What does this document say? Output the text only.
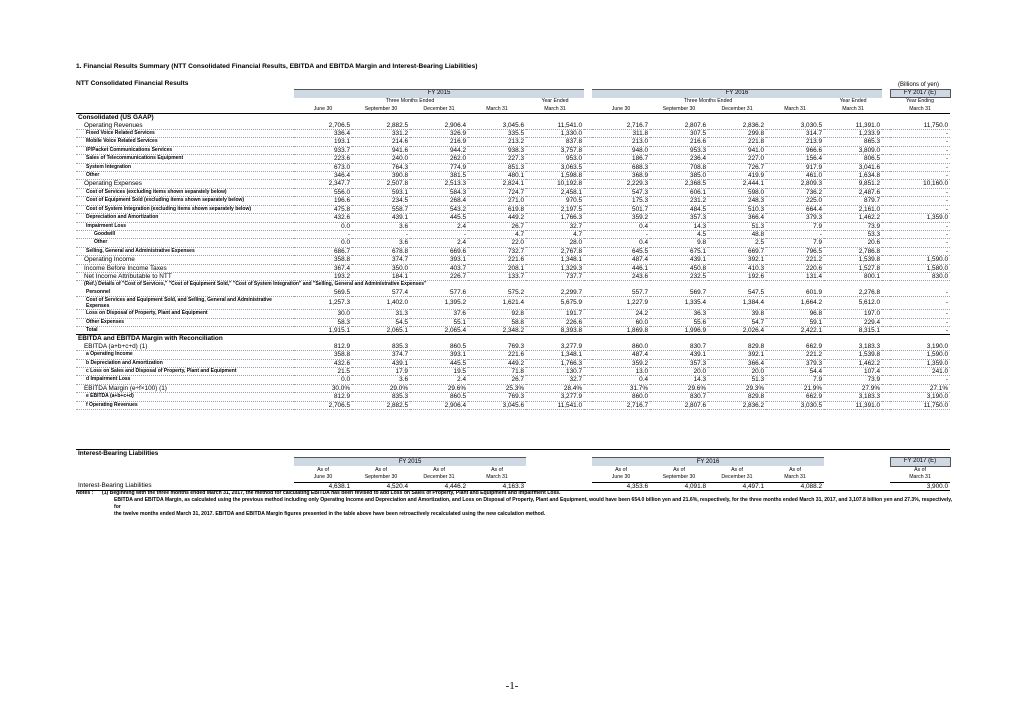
1. Financial Results Summary (NTT Consolidated Financial Results, EBITDA and EBITDA Margin and Interest-Bearing Liabilities)
NTT Consolidated Financial Results	(Billions of yen)
	FY 2015						FY 2016						FY 2017 (E)
	Three Months Ended				Year Ended		Three Months Ended				Year Ended		Year Ending
	June 30	September 30	December 31	March 31	March 31		June 30	September 30	December 31	March 31	March 31		March 31
Consolidated (US GAAP)													
Operating Revenues	2,706.5	2,882.5	2,906.4	3,045.6	11,541.0		2,716.7	2,807.6	2,836.2	3,030.5	11,391.0		11,750.0
Fixed Voice Related Services	336.4	331.2	326.9	335.5	1,330.0		311.8	307.5	299.8	314.7	1,233.9		-
Mobile Voice Related Services	193.1	214.6	216.9	213.2	837.8		213.0	216.6	221.8	213.9	865.3		-
IP/Packet Communications Services	933.7	941.6	944.2	938.3	3,757.8		948.0	953.3	941.0	966.6	3,809.0		-
Sales of Telecommunications Equipment	223.6	240.0	262.0	227.3	953.0		186.7	236.4	227.0	156.4	806.5		-
System Integration	673.0	764.3	774.9	851.3	3,063.5		688.3	708.8	726.7	917.9	3,041.6		-
Other	346.4	390.8	381.5	480.1	1,598.8		368.9	385.0	419.9	461.0	1,634.8		-
Operating Expenses	2,347.7	2,507.8	2,513.3	2,824.1	10,192.8		2,229.3	2,368.5	2,444.1	2,809.3	9,851.2		10,160.0
Cost of Services (excluding items shown separately below)	556.0	593.1	584.3	724.7	2,458.1		547.3	606.1	598.0	736.2	2,487.6		-
Cost of Equipment Sold (excluding items shown separately below)	196.6	234.5	268.4	271.0	970.5		175.3	231.2	248.3	225.0	879.7		-
Cost of System Integration (excluding items shown separately below)	475.8	558.7	543.2	619.8	2,197.5		501.7	484.5	510.3	664.4	2,161.0		-
Depreciation and Amortization	432.6	439.1	445.5	449.2	1,766.3		359.2	357.3	366.4	379.3	1,462.2		1,359.0
Impairment Loss	0.0	3.6	2.4	26.7	32.7		0.4	14.3	51.3	7.9	73.9		-
Goodwill	-	-	-	4.7	4.7		-	4.5	48.8	-	53.3		-
Other	0.0	3.6	2.4	22.0	28.0		0.4	9.8	2.5	7.9	20.6		-
Selling, General and Administrative Expenses	686.7	678.8	669.6	732.7	2,767.8		645.5	675.1	669.7	796.5	2,786.8		-
Operating Income	358.8	374.7	393.1	221.6	1,348.1		487.4	439.1	392.1	221.2	1,539.8		1,590.0
Income Before Income Taxes	367.4	350.0	403.7	208.1	1,329.3		446.1	450.8	410.3	220.6	1,527.8		1,580.0
Net Income Attributable to NTT	193.2	184.1	226.7	133.7	737.7		243.6	232.5	192.6	131.4	800.1		830.0
(Ref.) Details of "Cost of Services," "Cost of Equipment Sold," "Cost of System Integration" and "Selling, General and Administrative Expenses"													
Personnel	569.5	577.4	577.6	575.2	2,299.7		557.7	569.7	547.5	601.9	2,276.8		-
Cost of Services and Equipment Sold, and Selling, General and Administrative Expenses	1,257.3	1,402.0	1,395.2	1,621.4	5,675.9		1,227.9	1,335.4	1,384.4	1,664.2	5,612.0		-
Loss on Disposal of Property, Plant and Equipment	30.0	31.3	37.6	92.8	191.7		24.2	36.3	39.8	96.8	197.0		-
Other Expenses	58.3	54.5	55.1	58.8	226.6		60.0	55.6	54.7	59.1	229.4		-
Total	1,915.1	2,065.1	2,065.4	2,348.2	8,393.8		1,869.8	1,996.9	2,026.4	2,422.1	8,315.1		-
EBITDA and EBITDA Margin with Reconciliation													
EBITDA (a+b+c+d) (1)	812.9	835.3	860.5	769.3	3,277.9		860.0	830.7	829.8	662.9	3,183.3		3,190.0
a Operating Income	358.8	374.7	393.1	221.6	1,348.1		487.4	439.1	392.1	221.2	1,539.8		1,590.0
b Depreciation and Amortization	432.6	439.1	445.5	449.2	1,766.3		359.2	357.3	366.4	379.3	1,462.2		1,359.0
c Loss on Sales and Disposal of Property, Plant and Equipment	21.5	17.9	19.5	71.8	130.7		13.0	20.0	20.0	54.4	107.4		241.0
d Impairment Loss	0.0	3.6	2.4	26.7	32.7		0.4	14.3	51.3	7.9	73.9		-
EBITDA Margin (e÷f×100) (1)	30.0%	29.0%	29.6%	25.3%	28.4%		31.7%	29.6%	29.3%	21.9%	27.9%		27.1%
e EBITDA (a+b+c+d)	812.9	835.3	860.5	769.3	3,277.9		860.0	830.7	829.8	662.9	3,183.3		3,190.0
f Operating Revenues	2,706.5	2,882.5	2,906.4	3,045.6	11,541.0		2,716.7	2,807.6	2,836.2	3,030.5	11,391.0		11,750.0
Interest-Bearing Liabilities													
	FY 2015						FY 2016						FY 2017 (E)
	As of	As of	As of	As of			As of	As of	As of	As of			As of
	June 30	September 30	December 31	March 31			June 30	September 30	December 31	March 31			March 31
Interest-Bearing Liabilities	4,638.1	4,520.4	4,446.2	4,163.3			4,353.6	4,091.8	4,497.1	4,088.2			3,900.0
Notes :	(1) Beginning with the three months ended March 31, 2017, the method for calculating EBITDA has been revised to add Loss on Sales of Property, Plant and Equipment and Impairment Loss.
EBITDA and EBITDA Margin, as calculated using the previous method including only Operating Income and Depreciation and Amortization, and Loss on Disposal of Property, Plant and Equipment, would have been 654.0 billion yen and 21.6%, respectively, for the three months ended March 31, 2017, and 3,107.8 billion yen and 27.3%, respectively, for
the twelve months ended March 31, 2017. EBITDA and EBITDA Margin figures presented in the table above have been retroactively recalculated using the new calculation method.
-1-
